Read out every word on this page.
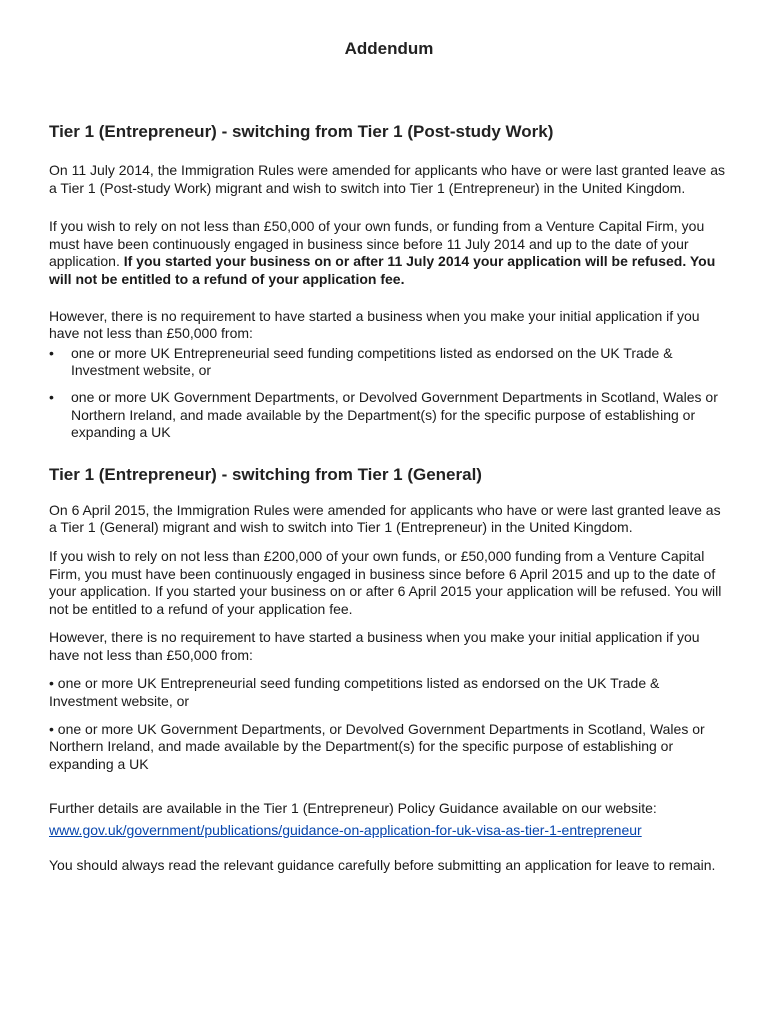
Addendum
Tier 1 (Entrepreneur) - switching from Tier 1 (Post-study Work)

On 11 July 2014, the Immigration Rules were amended for applicants who have or were last granted leave as a Tier 1 (Post-study Work) migrant and wish to switch into Tier 1 (Entrepreneur) in the United Kingdom.

If you wish to rely on not less than £50,000 of your own funds, or funding from a Venture Capital Firm, you must have been continuously engaged in business since before 11 July 2014 and up to the date of your application. If you started your business on or after 11 July 2014 your application will be refused. You will not be entitled to a refund of your application fee.

However, there is no requirement to have started a business when you make your initial application if you have not less than £50,000 from:

• one or more UK Entrepreneurial seed funding competitions listed as endorsed on the UK Trade & Investment website, or
• one or more UK Government Departments, or Devolved Government Departments in Scotland, Wales or Northern Ireland, and made available by the Department(s) for the specific purpose of establishing or expanding a UK
Tier 1 (Entrepreneur) - switching from Tier 1 (General)

On 6 April 2015, the Immigration Rules were amended for applicants who have or were last granted leave as a Tier 1 (General) migrant and wish to switch into Tier 1 (Entrepreneur) in the United Kingdom.

If you wish to rely on not less than £200,000 of your own funds, or £50,000 funding from a Venture Capital Firm, you must have been continuously engaged in business since before 6 April 2015 and up to the date of your application. If you started your business on or after 6 April 2015 your application will be refused. You will not be entitled to a refund of your application fee.

However, there is no requirement to have started a business when you make your initial application if you have not less than £50,000 from:

• one or more UK Entrepreneurial seed funding competitions listed as endorsed on the UK Trade & Investment website, or

• one or more UK Government Departments, or Devolved Government Departments in Scotland, Wales or Northern Ireland, and made available by the Department(s) for the specific purpose of establishing or expanding a UK

Further details are available in the Tier 1 (Entrepreneur) Policy Guidance available on our website:

www.gov.uk/government/publications/guidance-on-application-for-uk-visa-as-tier-1-entrepreneur

You should always read the relevant guidance carefully before submitting an application for leave to remain.
